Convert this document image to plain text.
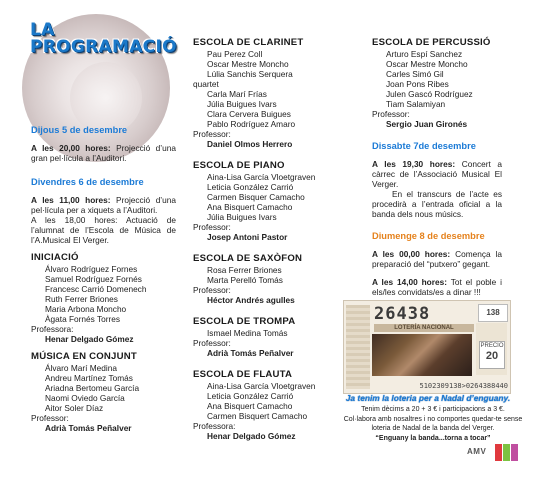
LA
PROGRAMACIÓ
Dijous 5 de desembre
A les 20,00 hores: Projecció d’una gran pel·lícula a l’Auditori.
Divendres 6 de desembre
A les 11,00 hores: Projecció d’una pel·lícula per a xiquets a l’Auditori.
A les 18,00 hores: Actuació de l’alumnat de l’Escola de Música de l’A.Musical El Verger.
INICIACIÓ
Álvaro Rodríguez Fornes
Samuel Rodríguez Fornés
Francesc Carrió Domenech
Ruth Ferrer Briones
Maria Arbona Moncho
Àgata Fornés Torres
Professora:
Henar Delgado Gómez
MÚSICA EN CONJUNT
Álvaro Marí Medina
Andreu Martínez Tomás
Ariadna Bertomeu García
Naomi Oviedo García
Aitor Soler Díaz
Professor:
Adrià Tomás Peñalver
ESCOLA DE CLARINET
Pau Perez Coll
Oscar Mestre Moncho
Lúlia Sanchis Serquera
quartet
Carla Marí Frías
Júlia Buigues Ivars
Clara Cervera Buigues
Pablo Rodríguez Amaro
Professor:
Daniel Olmos Herrero
ESCOLA DE PIANO
Aina-Lisa García Vloetgraven
Leticia González Carrió
Carmen Bisquer Camacho
Ana Bisquert Camacho
Júlia Buigues Ivars
Professor:
Josep Antoni Pastor
ESCOLA DE SAXÒFON
Rosa Ferrer Briones
Marta Perelló Tomás
Professor:
Héctor Andrés agulles
ESCOLA DE TROMPA
Ismael Medina Tomás
Professor:
Adrià Tomás Peñalver
ESCOLA DE FLAUTA
Aina-Lisa García Vloetgraven
Leticia González Carrió
Ana Bisquert Camacho
Carmen Bisquert Camacho
Professora:
Henar Delgado Gómez
ESCOLA DE PERCUSSIÓ
Arturo Espí Sanchez
Oscar Mestre Moncho
Carles Simó Gil
Joan Pons Ribes
Julen Gascó Rodríguez
Tiam Salamiyan
Professor:
Sergio Juan Gironés
Dissabte 7de desembre
A les 19,30 hores: Concert a càrrec de l’Associació Musical El Verger.
En el transcurs de l’acte es procedirà a l’entrada oficial a la banda dels nous músics.
Diumenge 8 de desembre
A les 00,00 hores: Comença la preparació del “putxero” gegant.
A les 14,00 hores: Tot el poble i els/les convidats/es a dinar !!!
26438	138
LOTERÍA NACIONAL
PRECIO
20
5102309138>0264388440
Ja tenim la loteria per a Nadal d’enguany.
Tenim dècims a 20 + 3 € i participacions a 3 €.
Col·labora amb nosaltres i no comportes quedar-te sense loteria de Nadal de la banda del Verger.
“Enguany la banda...torna a tocar”
AMV
